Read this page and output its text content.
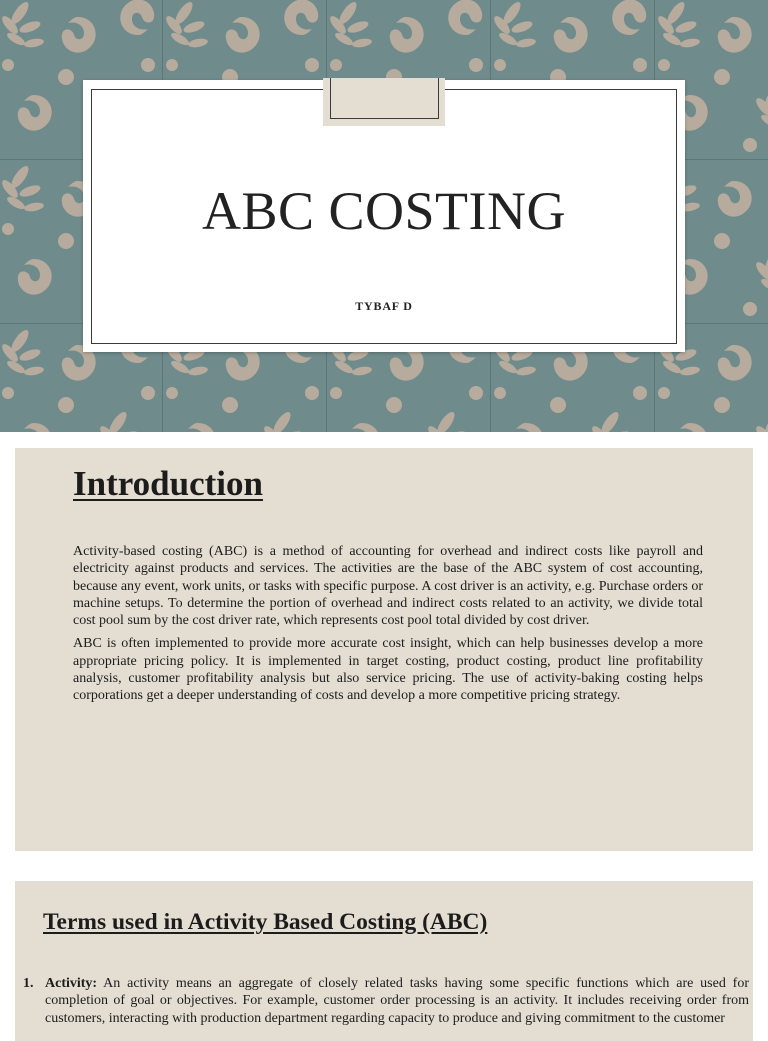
ABC COSTING
TYBAF D
Introduction

Activity-based costing (ABC) is a method of accounting for overhead and indirect costs like payroll and electricity against products and services. The activities are the base of the ABC system of cost accounting, because any event, work units, or tasks with specific purpose. A cost driver is an activity, e.g. Purchase orders or machine setups. To determine the portion of overhead and indirect costs related to an activity, we divide total cost pool sum by the cost driver rate, which represents cost pool total divided by cost driver.

ABC is often implemented to provide more accurate cost insight, which can help businesses develop a more appropriate pricing policy. It is implemented in target costing, product costing, product line profitability analysis, customer profitability analysis but also service pricing. The use of activity-baking costing helps corporations get a deeper understanding of costs and develop a more competitive pricing strategy.

Terms used in Activity Based Costing (ABC)
1. Activity: An activity means an aggregate of closely related tasks having some specific functions which are used for completion of goal or objectives. For example, customer order processing is an activity. It includes receiving order from customers, interacting with production department regarding capacity to produce and giving commitment to the customer
